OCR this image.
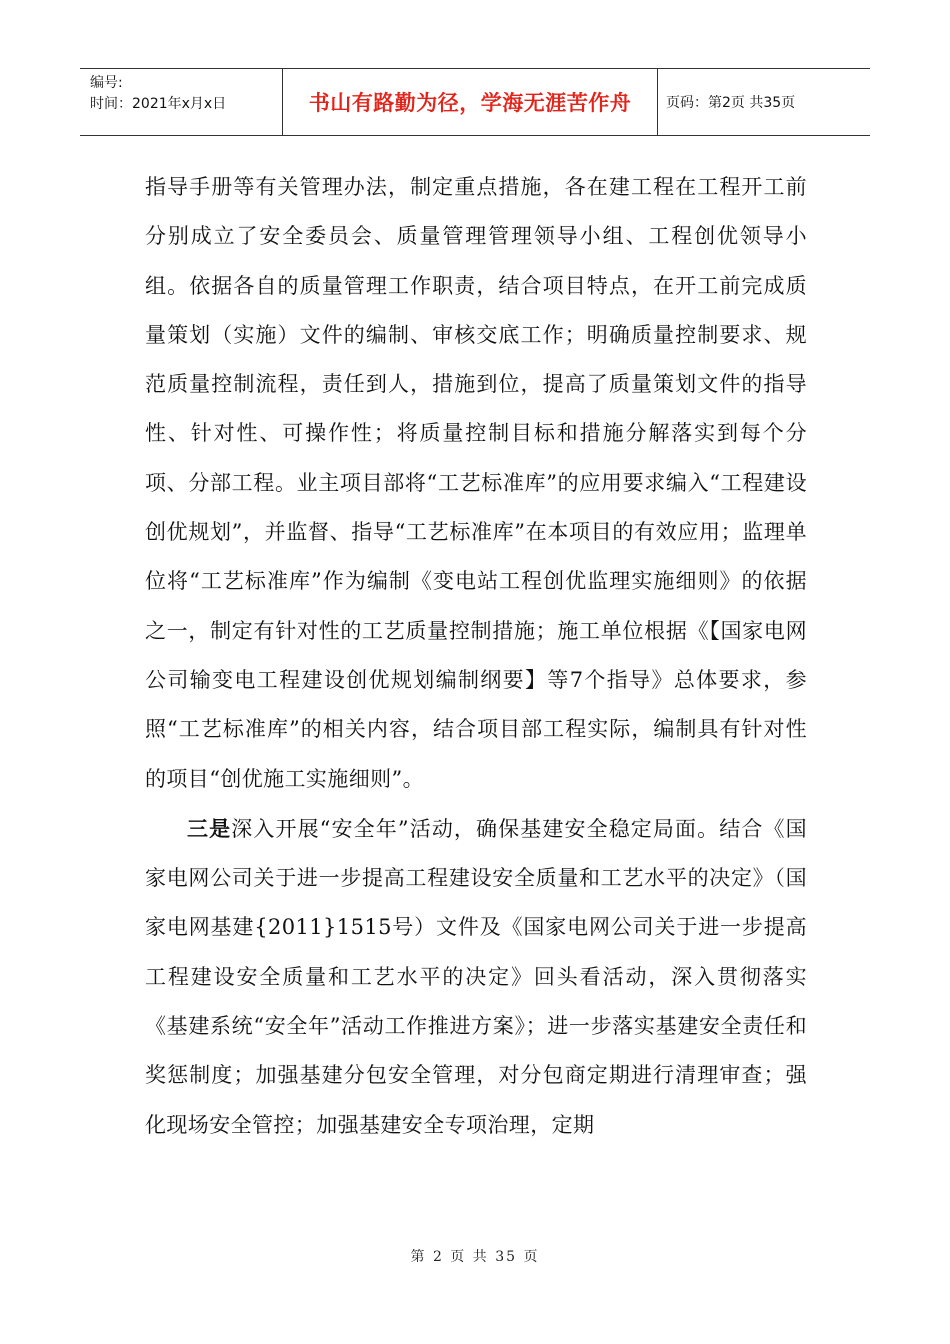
编号:
时间：2021年x月x日	书山有路勤为径，学海无涯苦作舟	页码：第2页 共35页

指导手册等有关管理办法，制定重点措施，各在建工程在工程开工前分别成立了安全委员会、质量管理管理领导小组、工程创优领导小组。依据各自的质量管理工作职责，结合项目特点，在开工前完成质量策划（实施）文件的编制、审核交底工作；明确质量控制要求、规范质量控制流程，责任到人，措施到位，提高了质量策划文件的指导性、针对性、可操作性；将质量控制目标和措施分解落实到每个分项、分部工程。业主项目部将“工艺标准库”的应用要求编入“工程建设创优规划”，并监督、指导“工艺标准库”在本项目的有效应用；监理单位将“工艺标准库”作为编制《变电站工程创优监理实施细则》的依据之一，制定有针对性的工艺质量控制措施；施工单位根据《【国家电网公司输变电工程建设创优规划编制纲要】等7个指导》总体要求，参照“工艺标准库”的相关内容，结合项目部工程实际，编制具有针对性的项目“创优施工实施细则”。

三是深入开展“安全年”活动，确保基建安全稳定局面。结合《国家电网公司关于进一步提高工程建设安全质量和工艺水平的决定》（国家电网基建{2011}1515号）文件及《国家电网公司关于进一步提高工程建设安全质量和工艺水平的决定》回头看活动，深入贯彻落实《基建系统“安全年”活动工作推进方案》；进一步落实基建安全责任和奖惩制度；加强基建分包安全管理，对分包商定期进行清理审查；强化现场安全管控；加强基建安全专项治理，定期

第 2 页 共 35 页
